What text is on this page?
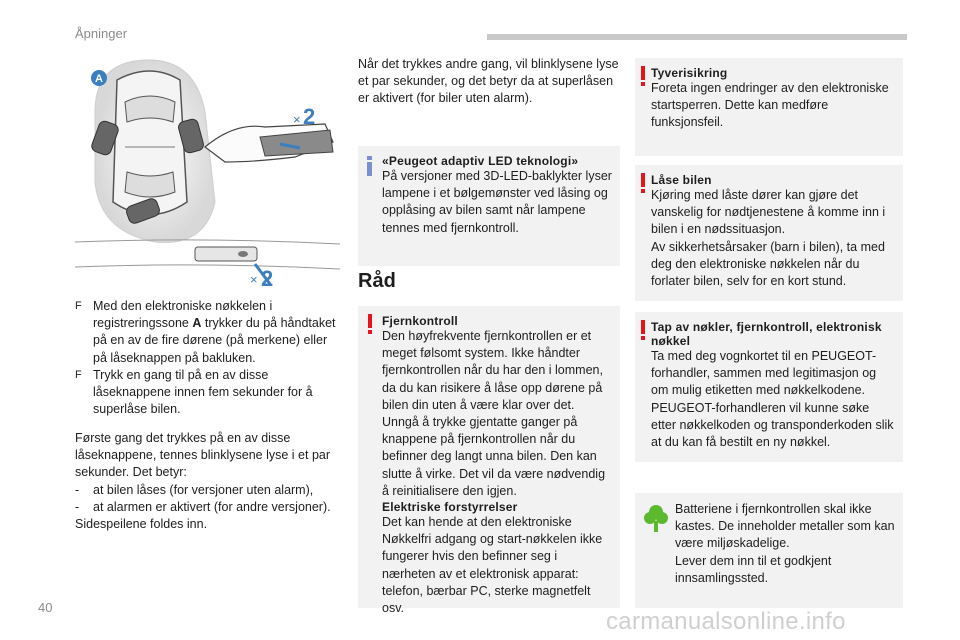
Åpninger
A
× 2
× 2
F Med den elektroniske nøkkelen i registreringssone A trykker du på håndtaket på en av de fire dørene (på merkene) eller på låseknappen på bakluken.
F Trykk en gang til på en av disse låseknappene innen fem sekunder for å superlåse bilen.
Første gang det trykkes på en av disse låseknappene, tennes blinklysene lyse i et par sekunder. Det betyr:
- at bilen låses (for versjoner uten alarm),
- at alarmen er aktivert (for andre versjoner).
Sidespeilene foldes inn.
Når det trykkes andre gang, vil blinklysene lyse et par sekunder, og det betyr da at superlåsen er aktivert (for biler uten alarm).
«Peugeot adaptiv LED teknologi»
På versjoner med 3D-LED-baklykter lyser lampene i et bølgemønster ved låsing og opplåsing av bilen samt når lampene tennes med fjernkontroll.
Råd
Fjernkontroll
Den høyfrekvente fjernkontrollen er et meget følsomt system. Ikke håndter fjernkontrollen når du har den i lommen, da du kan risikere å låse opp dørene på bilen din uten å være klar over det.
Unngå å trykke gjentatte ganger på knappene på fjernkontrollen når du befinner deg langt unna bilen. Den kan slutte å virke. Det vil da være nødvendig å reinitialisere den igjen.
Elektriske forstyrrelser
Det kan hende at den elektroniske Nøkkelfri adgang og start-nøkkelen ikke fungerer hvis den befinner seg i nærheten av et elektronisk apparat: telefon, bærbar PC, sterke magnetfelt osv.
Tyverisikring
Foreta ingen endringer av den elektroniske startsperren. Dette kan medføre funksjonsfeil.
Låse bilen
Kjøring med låste dører kan gjøre det vanskelig for nødtjenestene å komme inn i bilen i en nødssituasjon.
Av sikkerhetsårsaker (barn i bilen), ta med deg den elektroniske nøkkelen når du forlater bilen, selv for en kort stund.
Tap av nøkler, fjernkontroll, elektronisk nøkkel
Ta med deg vognkortet til en PEUGEOT-forhandler, sammen med legitimasjon og om mulig etiketten med nøkkelkodene. PEUGEOT-forhandleren vil kunne søke etter nøkkelkoden og transponderkoden slik at du kan få bestilt en ny nøkkel.
Batteriene i fjernkontrollen skal ikke kastes. De inneholder metaller som kan være miljøskadelige.
Lever dem inn til et godkjent innsamlingssted.
40
carmanualsonline.info
